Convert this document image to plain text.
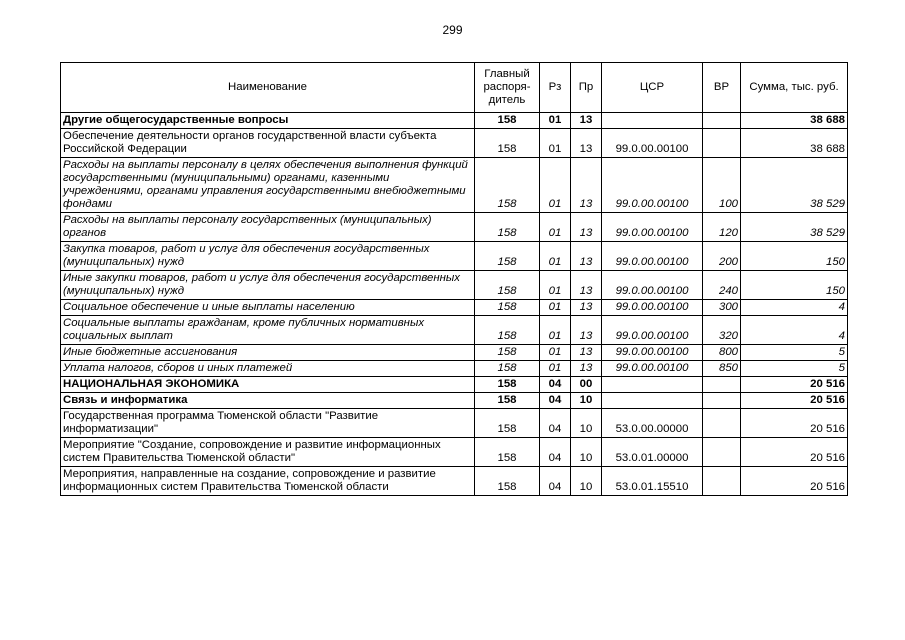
299
Наименование	Главный распоря-дитель	Рз	Пр	ЦСР	ВР	Сумма, тыс. руб.
Другие общегосударственные вопросы	158	01	13			38 688
Обеспечение деятельности органов государственной власти субъекта Российской Федерации	158	01	13	99.0.00.00100		38 688
Расходы на выплаты персоналу в целях обеспечения выполнения функций государственными (муниципальными) органами, казенными учреждениями, органами управления государственными внебюджетными фондами	158	01	13	99.0.00.00100	100	38 529
Расходы на выплаты персоналу государственных (муниципальных) органов	158	01	13	99.0.00.00100	120	38 529
Закупка товаров, работ и услуг для обеспечения государственных (муниципальных) нужд	158	01	13	99.0.00.00100	200	150
Иные закупки товаров, работ и услуг для обеспечения государственных (муниципальных) нужд	158	01	13	99.0.00.00100	240	150
Социальное обеспечение и иные выплаты населению	158	01	13	99.0.00.00100	300	4
Социальные выплаты гражданам, кроме публичных нормативных социальных выплат	158	01	13	99.0.00.00100	320	4
Иные бюджетные ассигнования	158	01	13	99.0.00.00100	800	5
Уплата налогов, сборов и иных платежей	158	01	13	99.0.00.00100	850	5
НАЦИОНАЛЬНАЯ ЭКОНОМИКА	158	04	00			20 516
Связь и информатика	158	04	10			20 516
Государственная программа Тюменской области "Развитие информатизации"	158	04	10	53.0.00.00000		20 516
Мероприятие "Создание, сопровождение и развитие информационных систем Правительства Тюменской области"	158	04	10	53.0.01.00000		20 516
Мероприятия, направленные на создание, сопровождение и развитие информационных систем Правительства Тюменской области	158	04	10	53.0.01.15510		20 516
